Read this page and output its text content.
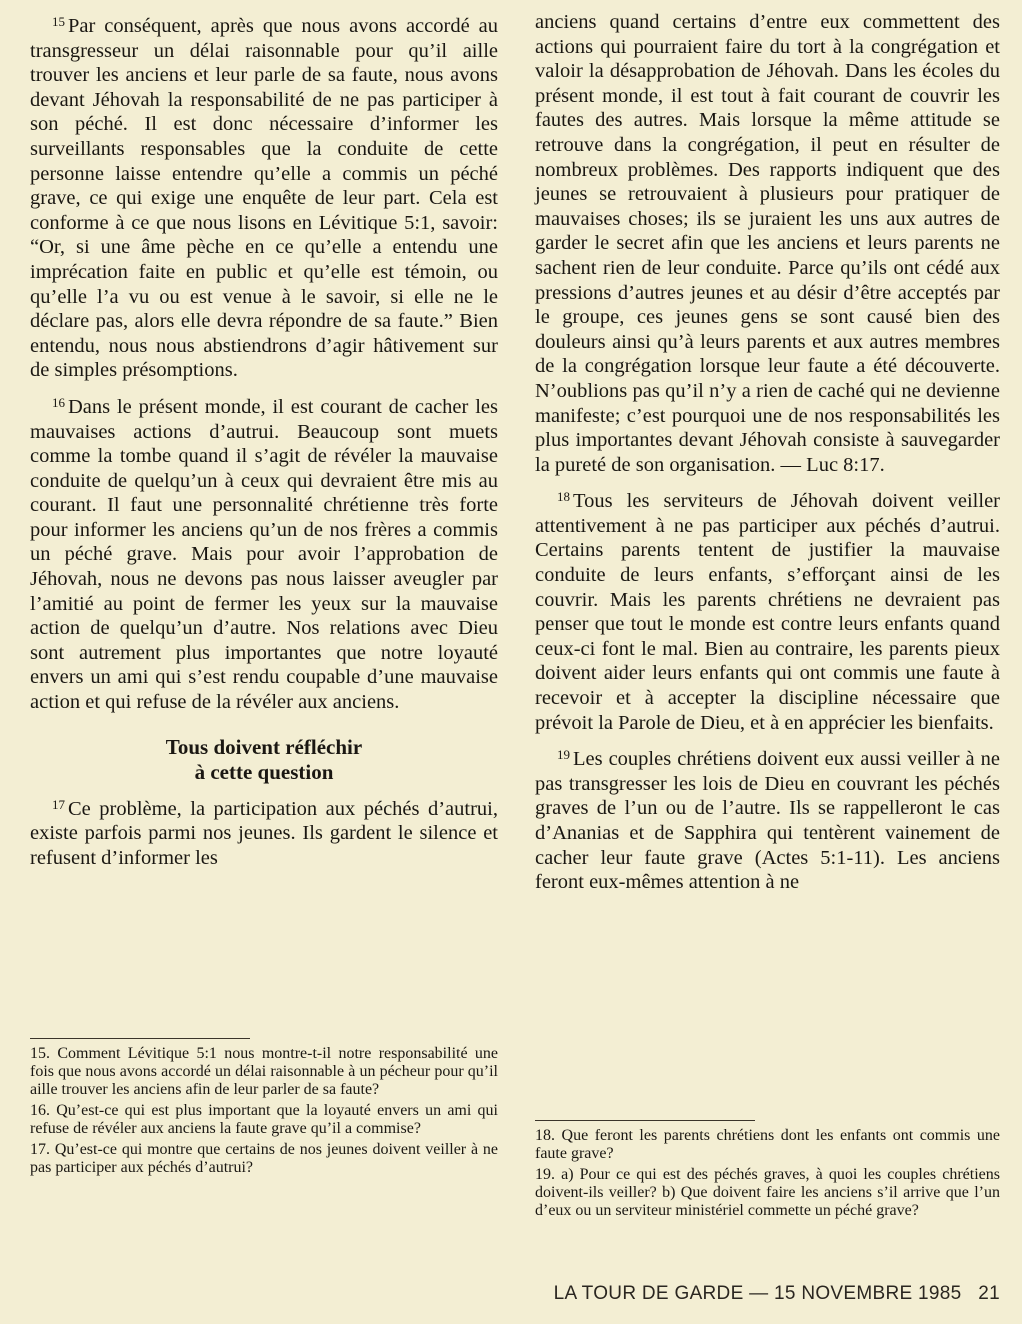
$^{15}$ Par conséquent, après que nous avons accordé au transgresseur un délai raisonnable pour qu’il aille trouver les anciens et leur parle de sa faute, nous avons devant Jéhovah la responsabilité de ne pas participer à son péché. Il est donc nécessaire d’informer les surveillants responsables que la conduite de cette personne laisse entendre qu’elle a commis un péché grave, ce qui exige une enquête de leur part. Cela est conforme à ce que nous lisons en Lévitique 5:1, savoir: “Or, si une âme pèche en ce qu’elle a entendu une imprécation faite en public et qu’elle est témoin, ou qu’elle l’a vu ou est venue à le savoir, si elle ne le déclare pas, alors elle devra répondre de sa faute.” Bien entendu, nous nous abstiendrons d’agir hâtivement sur de simples présomptions.

$^{16}$ Dans le présent monde, il est courant de cacher les mauvaises actions d’autrui. Beaucoup sont muets comme la tombe quand il s’agit de révéler la mauvaise conduite de quelqu’un à ceux qui devraient être mis au courant. Il faut une personnalité chrétienne très forte pour informer les anciens qu’un de nos frères a commis un péché grave. Mais pour avoir l’approbation de Jéhovah, nous ne devons pas nous laisser aveugler par l’amitié au point de fermer les yeux sur la mauvaise action de quelqu’un d’autre. Nos relations avec Dieu sont autrement plus importantes que notre loyauté envers un ami qui s’est rendu coupable d’une mauvaise action et qui refuse de la révéler aux anciens.

Tous doivent réfléchir
à cette question

$^{17}$ Ce problème, la participation aux péchés d’autrui, existe parfois parmi nos jeunes. Ils gardent le silence et refusent d’informer les

anciens quand certains d’entre eux commettent des actions qui pourraient faire du tort à la congrégation et valoir la désapprobation de Jéhovah. Dans les écoles du présent monde, il est tout à fait courant de couvrir les fautes des autres. Mais lorsque la même attitude se retrouve dans la congrégation, il peut en résulter de nombreux problèmes. Des rapports indiquent que des jeunes se retrouvaient à plusieurs pour pratiquer de mauvaises choses; ils se juraient les uns aux autres de garder le secret afin que les anciens et leurs parents ne sachent rien de leur conduite. Parce qu’ils ont cédé aux pressions d’autres jeunes et au désir d’être acceptés par le groupe, ces jeunes gens se sont causé bien des douleurs ainsi qu’à leurs parents et aux autres membres de la congrégation lorsque leur faute a été découverte. N’oublions pas qu’il n’y a rien de caché qui ne devienne manifeste; c’est pourquoi une de nos responsabilités les plus importantes devant Jéhovah consiste à sauvegarder la pureté de son organisation. — Luc 8:17.

$^{18}$ Tous les serviteurs de Jéhovah doivent veiller attentivement à ne pas participer aux péchés d’autrui. Certains parents tentent de justifier la mauvaise conduite de leurs enfants, s’efforçant ainsi de les couvrir. Mais les parents chrétiens ne devraient pas penser que tout le monde est contre leurs enfants quand ceux-ci font le mal. Bien au contraire, les parents pieux doivent aider leurs enfants qui ont commis une faute à recevoir et à accepter la discipline nécessaire que prévoit la Parole de Dieu, et à en apprécier les bienfaits.

$^{19}$ Les couples chrétiens doivent eux aussi veiller à ne pas transgresser les lois de Dieu en couvrant les péchés graves de l’un ou de l’autre. Ils se rappelleront le cas d’Ananias et de Sapphira qui tentèrent vainement de cacher leur faute grave (Actes 5:1-11). Les anciens feront eux-mêmes attention à ne

15. Comment Lévitique 5:1 nous montre-t-il notre responsabilité une fois que nous avons accordé un délai raisonnable à un pécheur pour qu’il aille trouver les anciens afin de leur parler de sa faute?

16. Qu’est-ce qui est plus important que la loyauté envers un ami qui refuse de révéler aux anciens la faute grave qu’il a commise?

17. Qu’est-ce qui montre que certains de nos jeunes doivent veiller à ne pas participer aux péchés d’autrui?

18. Que feront les parents chrétiens dont les enfants ont commis une faute grave?

19. a) Pour ce qui est des péchés graves, à quoi les couples chrétiens doivent-ils veiller? b) Que doivent faire les anciens s’il arrive que l’un d’eux ou un serviteur ministériel commette un péché grave?

LA TOUR DE GARDE — 15 NOVEMBRE 1985 21
